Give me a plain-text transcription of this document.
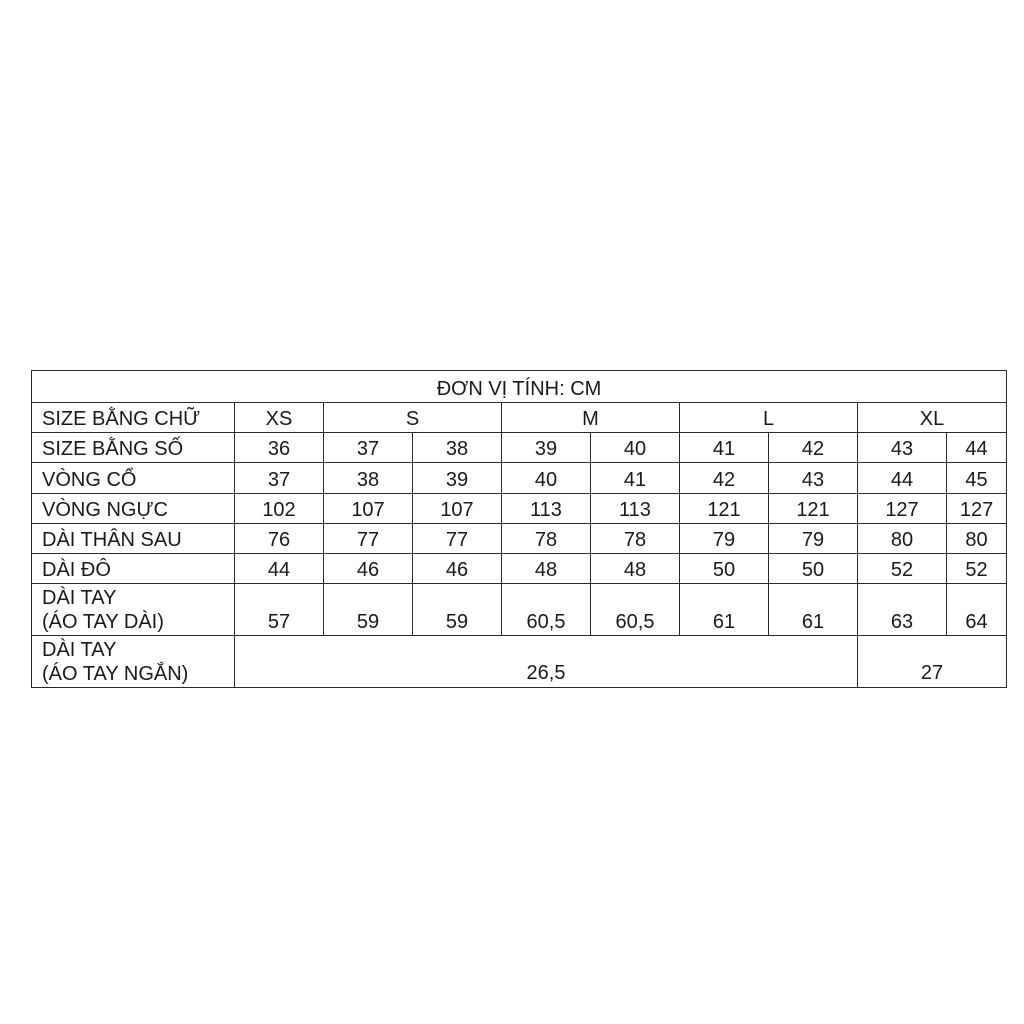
ĐƠN VỊ TÍNH: CM									
SIZE BẰNG CHỮ	XS	S		M		L		XL	
SIZE BẰNG SỐ	36	37	38	39	40	41	42	43	44
VÒNG CỔ	37	38	39	40	41	42	43	44	45
VÒNG NGỰC	102	107	107	113	113	121	121	127	127
DÀI THÂN SAU	76	77	77	78	78	79	79	80	80
DÀI ĐÔ	44	46	46	48	48	50	50	52	52

DÀI TAY
(ÁO TAY DÀI)	57	59	59	60,5	60,5	61	61	63	64

DÀI TAY
(ÁO TAY NGẮN)	26,5							27	
